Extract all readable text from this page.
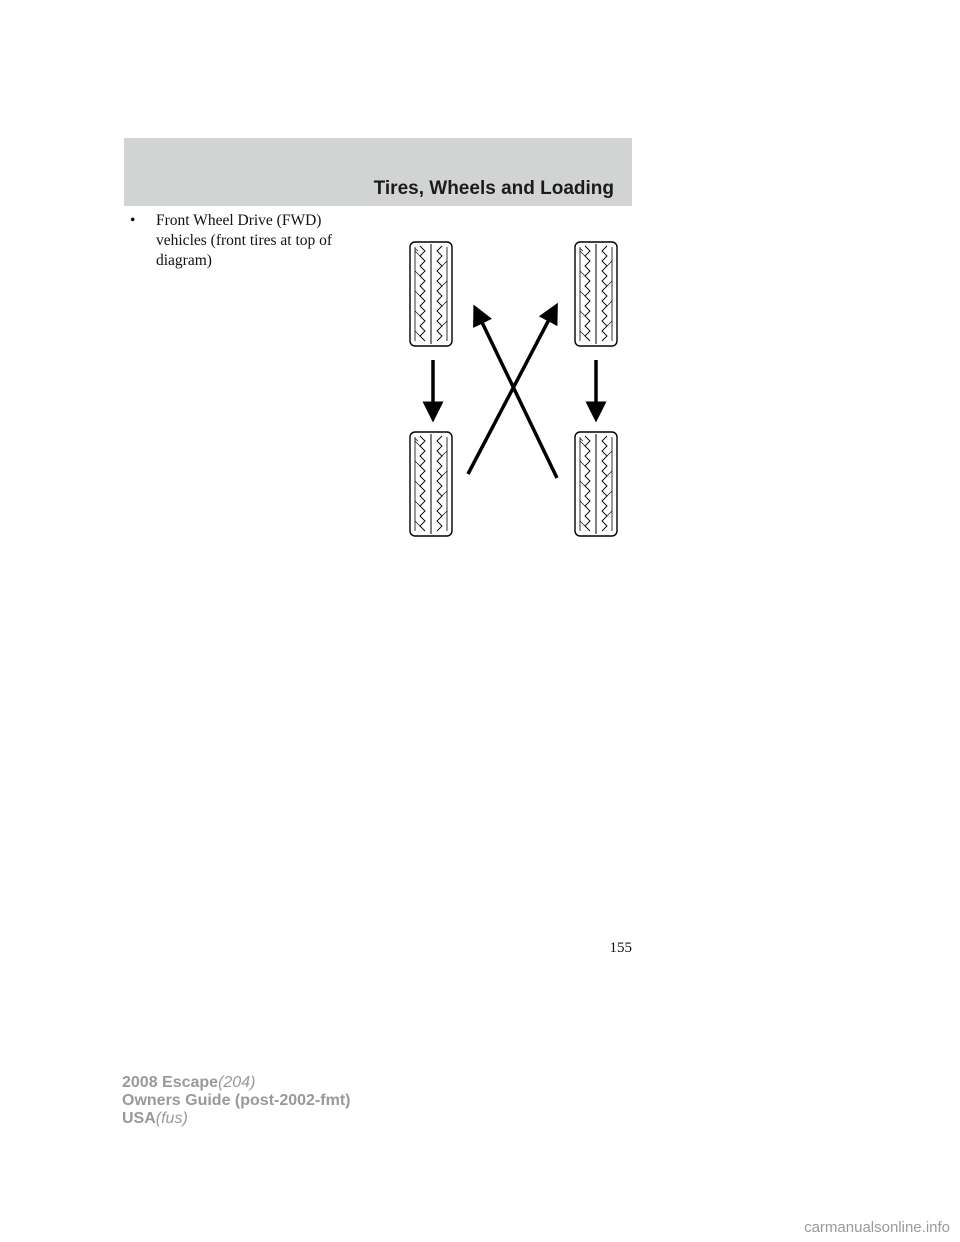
Tires, Wheels and Loading
• Front Wheel Drive (FWD) vehicles (front tires at top of diagram)
155
2008 Escape(204)
Owners Guide (post-2002-fmt)
USA(fus)
carmanualsonline.info
